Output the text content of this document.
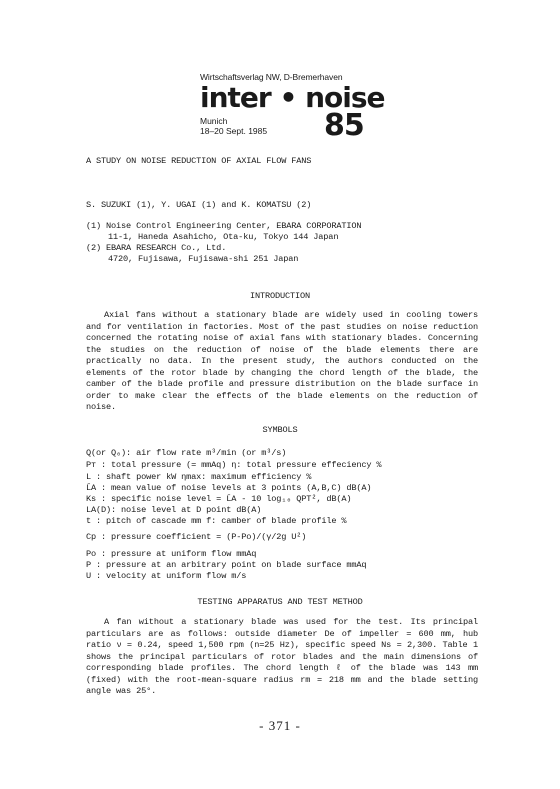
Wirtschaftsverlag NW, D-Bremerhaven
inter • noise
Munich
18–20 Sept. 1985 85
A STUDY ON NOISE REDUCTION OF AXIAL FLOW FANS
S. SUZUKI (1), Y. UGAI (1) and K. KOMATSU (2)
(1) Noise Control Engineering Center, EBARA CORPORATION
11-1, Haneda Asahicho, Ota-ku, Tokyo 144 Japan
(2) EBARA RESEARCH Co., Ltd.
4720, Fujisawa, Fujisawa-shi 251 Japan
INTRODUCTION

Axial fans without a stationary blade are widely used in cooling towers and for ventilation in factories. Most of the past studies on noise reduction concerned the rotating noise of axial fans with stationary blades. Concerning the studies on the reduction of noise of the blade elements there are practically no data. In the present study, the authors conducted on the elements of the rotor blade by changing the chord length of the blade, the camber of the blade profile and pressure distribution on the blade surface in order to make clear the effects of the blade elements on the reduction of noise.

SYMBOLS
Q(or Q₀): air flow rate m³/min (or m³/s)
Pт : total pressure (= mmAq) η: total pressure effeciency %
L : shaft power kW ηmax: maximum efficiency %
L̄A : mean value of noise levels at 3 points (A,B,C) dB(A)
Ks : specific noise level = L̄A - 10 log₁₀ QPT², dB(A)
LA(D): noise level at D point dB(A)
t : pitch of cascade mm f: camber of blade profile %
Cp : pressure coefficient = (P-Po)/(γ/2g U²)
Po : pressure at uniform flow mmAq
P : pressure at an arbitrary point on blade surface mmAq
U : velocity at uniform flow m/s
TESTING APPARATUS AND TEST METHOD

A fan without a stationary blade was used for the test. Its principal particulars are as follows: outside diameter De of impeller = 600 mm, hub ratio ν = 0.24, speed 1,500 rpm (n=25 Hz), specific speed Ns = 2,300. Table 1 shows the principal particulars of rotor blades and the main dimensions of corresponding blade profiles. The chord length ℓ of the blade was 143 mm (fixed) with the root-mean-square radius rm = 218 mm and the blade setting angle was 25°.

- 371 -
